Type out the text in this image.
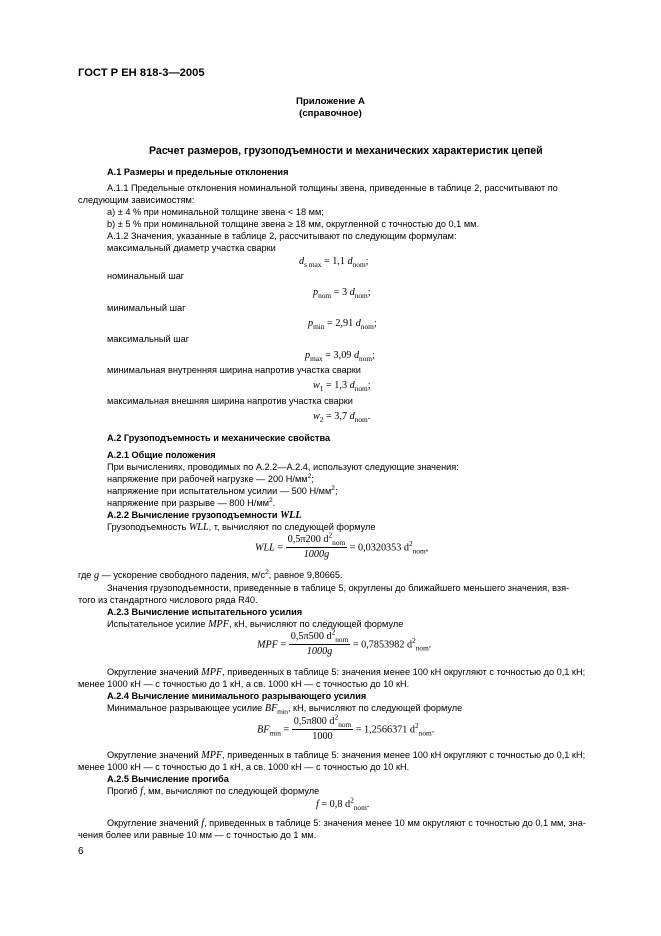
ГОСТ Р ЕН 818-3—2005
Приложение А
(справочное)
Расчет размеров, грузоподъемности и механических характеристик цепей
А.1 Размеры и предельные отклонения
А.1.1 Предельные отклонения номинальной толщины звена, приведенные в таблице 2, рассчитывают по
следующим зависимостям:
а) ± 4 % при номинальной толщине звена < 18 мм;
b) ± 5 % при номинальной толщине звена ≥ 18 мм, округленной с точностью до 0,1 мм.
А.1.2 Значения, указанные в таблице 2, рассчитывают по следующим формулам:
максимальный диаметр участка сварки
$d_{s max} = 1,1$ $d_{nom}$;
номинальный шаг
$p_{nom} = 3$ $d_{nom}$;
минимальный шаг
$p_{min} = 2,91$ $d_{nom}$;
максимальный шаг
$p_{max} = 3,09$ $d_{nom}$;
минимальная внутренняя ширина напротив участка сварки
$w_1 = 1,3$ $d_{nom}$;
максимальная внешняя ширина напротив участка сварки
$w_2 = 3,7$ $d_{nom}$.
А.2 Грузоподъемность и механические свойства
А.2.1 Общие положения
При вычислениях, проводимых по А.2.2—А.2.4, используют следующие значения:
напряжение при рабочей нагрузке — 200 $Н/мм^2$;
напряжение при испытательном усилии — 500 $Н/мм^2$;
напряжение при разрыве — 800 $Н/мм^2$.
А.2.2 Вычисление грузоподъемности WLL
Грузоподъемность WLL, т, вычисляют по следующей формуле
WLL = $\frac{0,5\pi 200 d^2_{nom}}{1000g} = 0,0320353$ $d^2_{nom}$,
где g — ускорение свободного падения, $м/с^2$, равное 9,80665.
Значения грузоподъемности, приведенные в таблице 5, округлены до ближайшего меньшего значения, взя-
того из стандартного числового ряда R40.
А.2.3 Вычисление испытательного усилия
Испытательное усилие MPF, кН, вычисляют по следующей формуле
MPF = $\frac{0,5\pi 500 d^2_{nom}}{1000g} = 0,7853982$ $d^2_{nom}$.
Округление значений MPF, приведенных в таблице 5: значения менее 100 кН округляют с точностью до 0,1 кН;
менее 1000 кН — с точностью до 1 кН, а св. 1000 кН — с точностью до 10 кН.
А.2.4 Вычисление минимального разрывающего усилия
Минимальное разрывающее усилие $BF_{min}$, кН, вычисляют по следующей формуле
$BF_{min} = \frac{0,5\pi 800 d^2_{nom}}{1000} = 1,2566371$ $d^2_{nom}$.
Округление значений MPF, приведенных в таблице 5: значения менее 100 кН округляют с точностью до 0,1 кН;
менее 1000 кН — с точностью до 1 кН, а св. 1000 кН — с точностью до 10 кН.
А.2.5 Вычисление прогиба
Прогиб f, мм, вычисляют по следующей формуле
f = 0,8 $d^2_{nom}$.
Округление значений f, приведенных в таблице 5: значения менее 10 мм округляют с точностью до 0,1 мм, зна-
чения более или равные 10 мм — с точностью до 1 мм.
6
